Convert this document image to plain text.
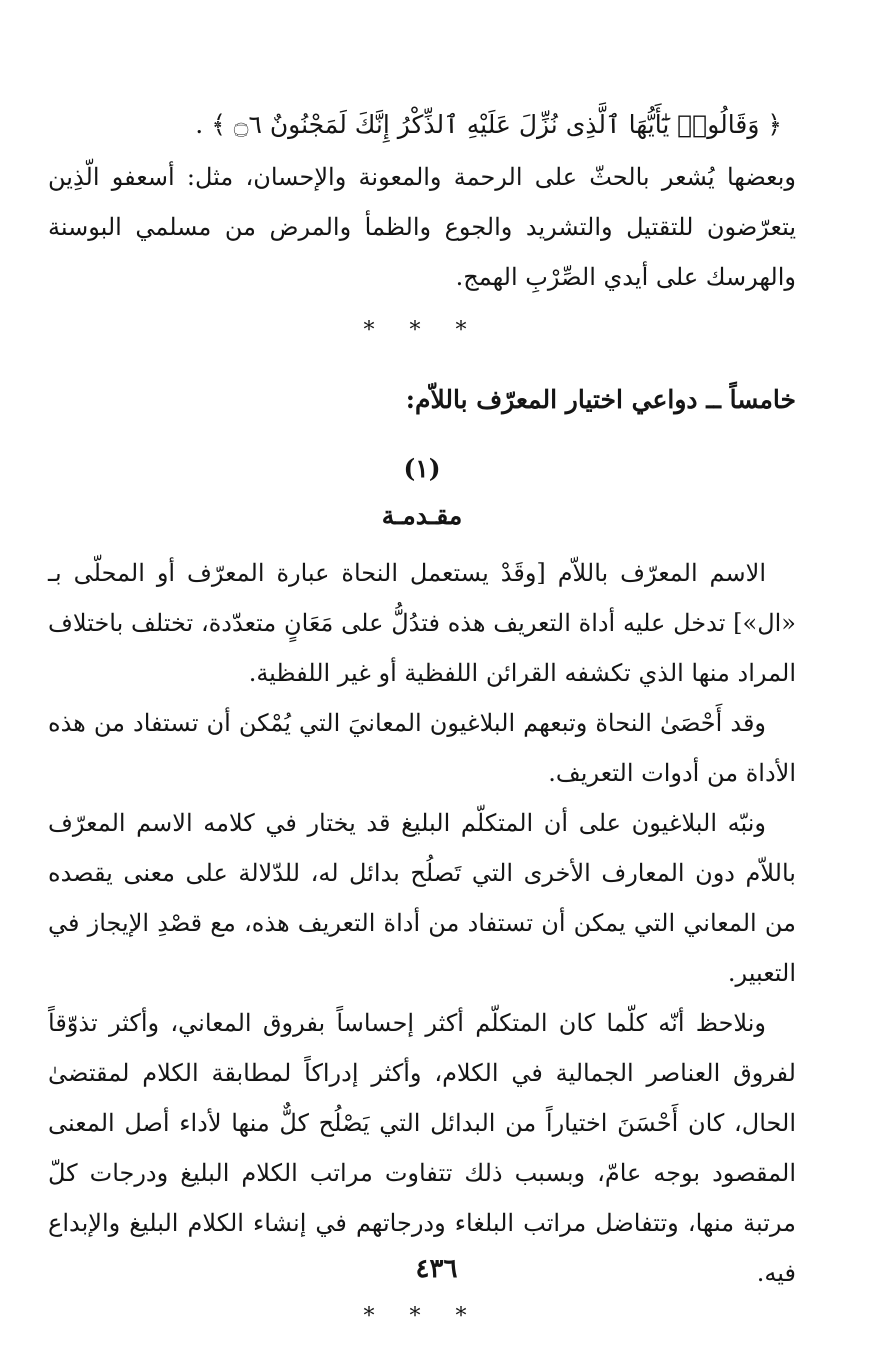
﴿ وَقَالُوا۟ يَٰٓأَيُّهَا ٱلَّذِى نُزِّلَ عَلَيْهِ ٱلذِّكْرُ إِنَّكَ لَمَجْنُونٌ ۝٦ ﴾ .

وبعضها يُشعر بالحثّ على الرحمة والمعونة والإحسان، مثل: أسعفو الّذِين يتعرّضون للتقتيل والتشريد والجوع والظمأ والمرض من مسلمي البوسنة والهرسك على أيدي الصِّرْبِ الهمج.

* * *
خامساً ــ دواعي اختيار المعرّف باللاّم:
(١)
مقـدمـة

الاسم المعرّف باللاّم [وقَدْ يستعمل النحاة عبارة المعرّف أو المحلّى بـ «ال»] تدخل عليه أداة التعريف هذه فتدُلُّ على مَعَانٍ متعدّدة، تختلف باختلاف المراد منها الذي تكشفه القرائن اللفظية أو غير اللفظية.

وقد أَحْصَىٰ النحاة وتبعهم البلاغيون المعانيَ التي يُمْكن أن تستفاد من هذه الأداة من أدوات التعريف.

ونبّه البلاغيون على أن المتكلّم البليغ قد يختار في كلامه الاسم المعرّف باللاّم دون المعارف الأخرى التي تَصلُح بدائل له، للدّلالة على معنى يقصده من المعاني التي يمكن أن تستفاد من أداة التعريف هذه، مع قصْدِ الإيجاز في التعبير.

ونلاحظ أنّه كلّما كان المتكلّم أكثر إحساساً بفروق المعاني، وأكثر تذوّقاً لفروق العناصر الجمالية في الكلام، وأكثر إدراكاً لمطابقة الكلام لمقتضىٰ الحال، كان أَحْسَنَ اختياراً من البدائل التي يَصْلُح كلٌّ منها لأداء أصل المعنى المقصود بوجه عامّ، وبسبب ذلك تتفاوت مراتب الكلام البليغ ودرجات كلّ مرتبة منها، وتتفاضل مراتب البلغاء ودرجاتهم في إنشاء الكلام البليغ والإبداع فيه.

* * *
٤٣٦
